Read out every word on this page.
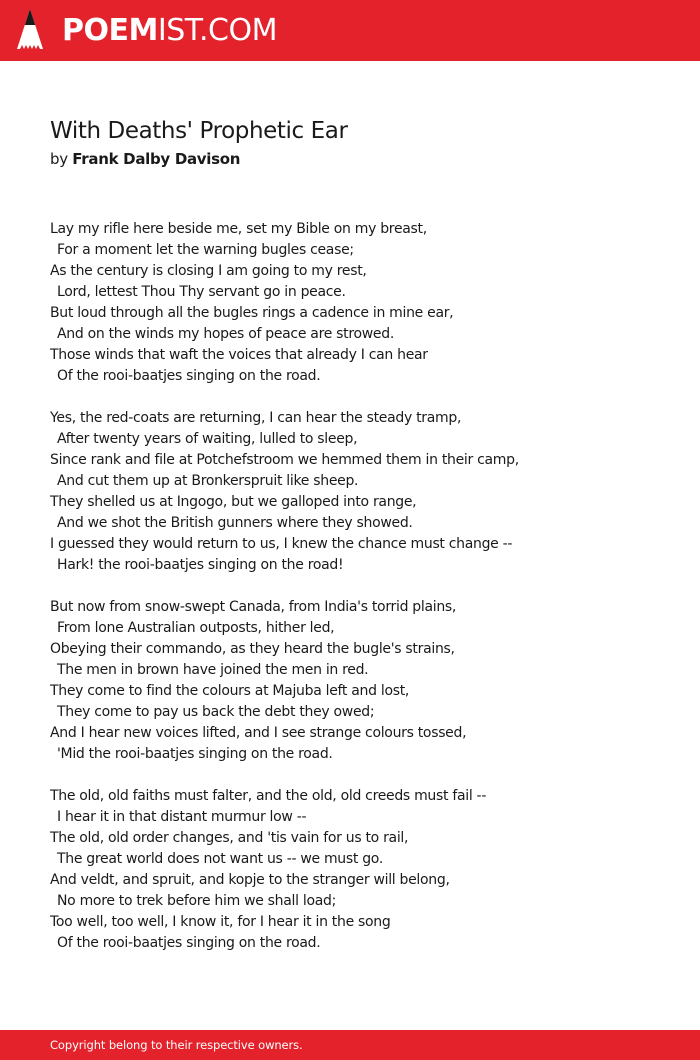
POEMIST.COM
With Deaths' Prophetic Ear
by Frank Dalby Davison
Lay my rifle here beside me, set my Bible on my breast,
For a moment let the warning bugles cease;
As the century is closing I am going to my rest,
Lord, lettest Thou Thy servant go in peace.
But loud through all the bugles rings a cadence in mine ear,
And on the winds my hopes of peace are strowed.
Those winds that waft the voices that already I can hear
Of the rooi-baatjes singing on the road.
Yes, the red-coats are returning, I can hear the steady tramp,
After twenty years of waiting, lulled to sleep,
Since rank and file at Potchefstroom we hemmed them in their camp,
And cut them up at Bronkerspruit like sheep.
They shelled us at Ingogo, but we galloped into range,
And we shot the British gunners where they showed.
I guessed they would return to us, I knew the chance must change --
Hark! the rooi-baatjes singing on the road!
But now from snow-swept Canada, from India's torrid plains,
From lone Australian outposts, hither led,
Obeying their commando, as they heard the bugle's strains,
The men in brown have joined the men in red.
They come to find the colours at Majuba left and lost,
They come to pay us back the debt they owed;
And I hear new voices lifted, and I see strange colours tossed,
'Mid the rooi-baatjes singing on the road.
The old, old faiths must falter, and the old, old creeds must fail --
I hear it in that distant murmur low --
The old, old order changes, and 'tis vain for us to rail,
The great world does not want us -- we must go.
And veldt, and spruit, and kopje to the stranger will belong,
No more to trek before him we shall load;
Too well, too well, I know it, for I hear it in the song
Of the rooi-baatjes singing on the road.
Copyright belong to their respective owners.
